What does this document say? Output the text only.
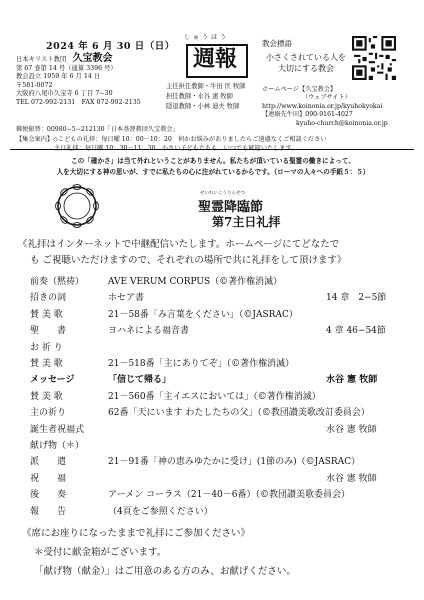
2024 年 6 月 30 日（日）
日本キリスト教団　 久宝教会
第 67 巻第 14 号（通算 3396 号）
教会設立 1959 年 6 月 14 日
〒581-0072
大阪府八尾市久宝寺 6 丁目 7−30
TEL 072-992-2131　FAX 072-992-2135
しゅうほう
週報
教会標語
小さくされている人を
大切にする教会
ホームページ【久宝教会】
（ウェブサイト）
http://www.koinonia.or.jp/kyuhokyokai
【連絡先牛田】090-9161-4027
kyuho-church@koinonia.or.jp
主任担任教師・牛田 匡 牧師
担任教師・水谷 憲 牧師
隠退教師・小林 迪夫 牧師
郵便振替：00980−5−212130「日本基督教団久宝教会」
【集会案内】◇こどもの礼拝：毎日曜 10：00－10：20　何かお悩みがありましたらご遠慮なくご相談ください
この「確かさ」は当て外れということがありません。私たちが頂いている聖霊の働きによって、
人を大切にする神の思いが、すでに私たちの心に注がれているからです。（ローマの人々への手紙５：５）
せいれいこうりんせつ
聖霊降臨節
第7主日礼拝
《礼拝はインターネットで中継配信いたします。ホームページにてどなたで
も ご視聴いただけますので、それぞれの場所で共に礼拝をして頂けます》
前奏（黙祷）	AVE VERUM CORPUS（©著作権消滅）
招きの詞	ホセア書	14 章　2−5節
賛 美 歌	21－58番「み言葉をください」（©JASRAC）
聖　　書	ヨハネによる福音書	4 章 46−54節
お 祈 り
賛 美 歌	21－518番「主にありてぞ」（©著作権消滅）
メッセージ	「信じて帰る」	水谷 憲 牧師
賛 美 歌	21－560番「主イエスにおいては」（©著作権消滅）
主の祈り	62番「天にいます わたしたちの父」（©教団讃美歌改訂委員会）
誕生者祝福式	水谷 憲 牧師
献げ物（＊）
派　　遣	21－91番「神の恵みゆたかに受け」(1節のみ)（©JASRAC）
祝　　福	水谷 憲 牧師
後　　奏	アーメン コーラス（21－40－6番）（©教団讃美歌委員会）
報　　告	（4頁をご参照ください）
《席にお座りになったままで礼拝にご参加ください》
＊受付に献金箱がございます。
「献げ物（献金）」はご用意のある方のみ、お献げください。
